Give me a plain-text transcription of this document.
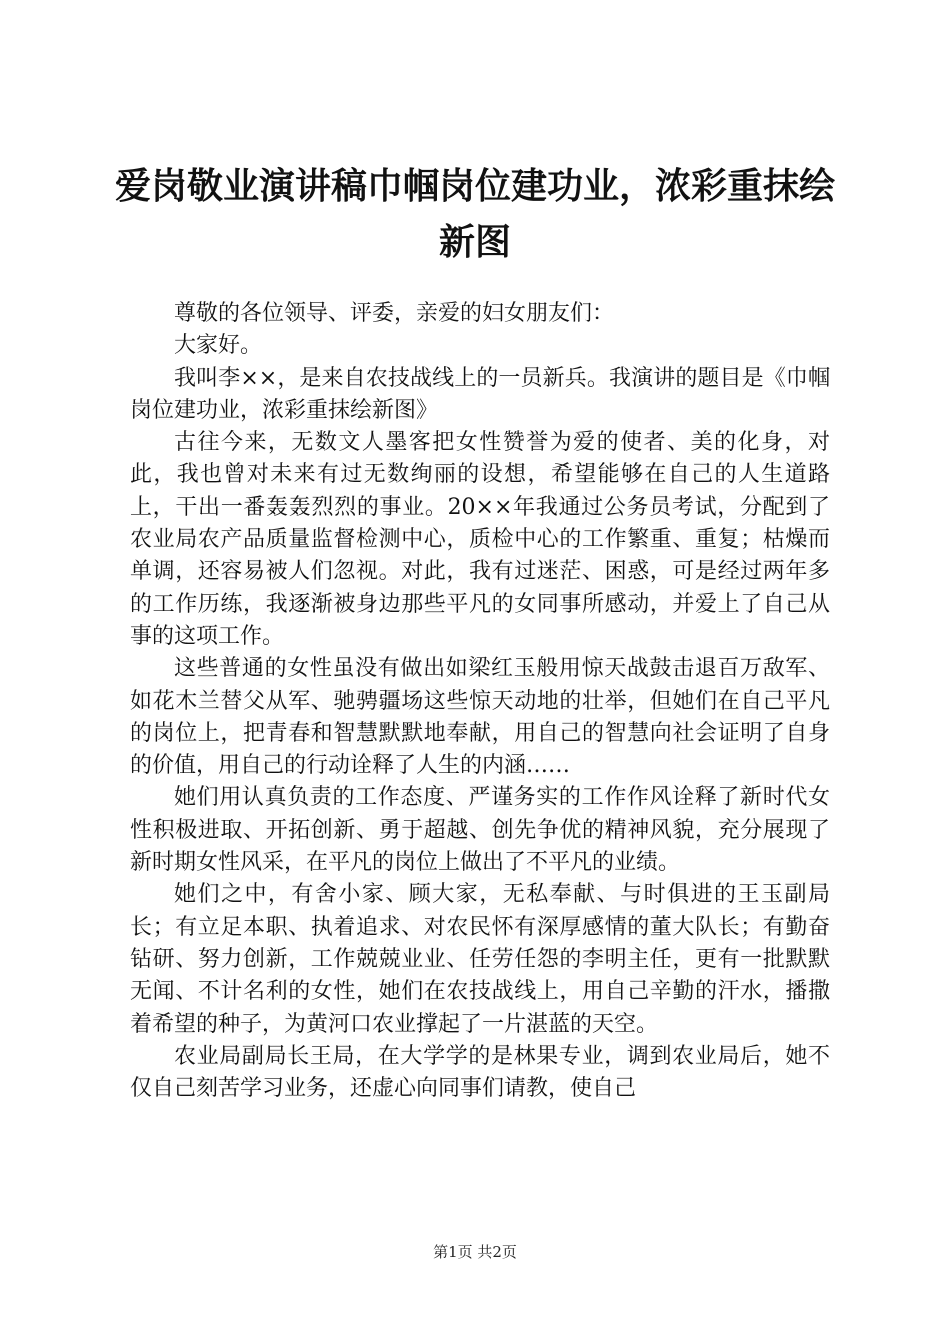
爱岗敬业演讲稿巾帼岗位建功业，浓彩重抹绘
新图

尊敬的各位领导、评委，亲爱的妇女朋友们：

大家好。

我叫李××，是来自农技战线上的一员新兵。我演讲的题目是《巾帼岗位建功业，浓彩重抹绘新图》

古往今来，无数文人墨客把女性赞誉为爱的使者、美的化身，对此，我也曾对未来有过无数绚丽的设想，希望能够在自己的人生道路上，干出一番轰轰烈烈的事业。20××年我通过公务员考试，分配到了农业局农产品质量监督检测中心，质检中心的工作繁重、重复；枯燥而单调，还容易被人们忽视。对此，我有过迷茫、困惑，可是经过两年多的工作历练，我逐渐被身边那些平凡的女同事所感动，并爱上了自己从事的这项工作。

这些普通的女性虽没有做出如梁红玉般用惊天战鼓击退百万敌军、如花木兰替父从军、驰骋疆场这些惊天动地的壮举，但她们在自己平凡的岗位上，把青春和智慧默默地奉献，用自己的智慧向社会证明了自身的价值，用自己的行动诠释了人生的内涵……

她们用认真负责的工作态度、严谨务实的工作作风诠释了新时代女性积极进取、开拓创新、勇于超越、创先争优的精神风貌，充分展现了新时期女性风采，在平凡的岗位上做出了不平凡的业绩。

她们之中，有舍小家、顾大家，无私奉献、与时俱进的王玉副局长；有立足本职、执着追求、对农民怀有深厚感情的董大队长；有勤奋钻研、努力创新，工作兢兢业业、任劳任怨的李明主任，更有一批默默无闻、不计名利的女性，她们在农技战线上，用自己辛勤的汗水，播撒着希望的种子，为黄河口农业撑起了一片湛蓝的天空。

农业局副局长王局，在大学学的是林果专业，调到农业局后，她不仅自己刻苦学习业务，还虚心向同事们请教，使自己

第1页 共2页
